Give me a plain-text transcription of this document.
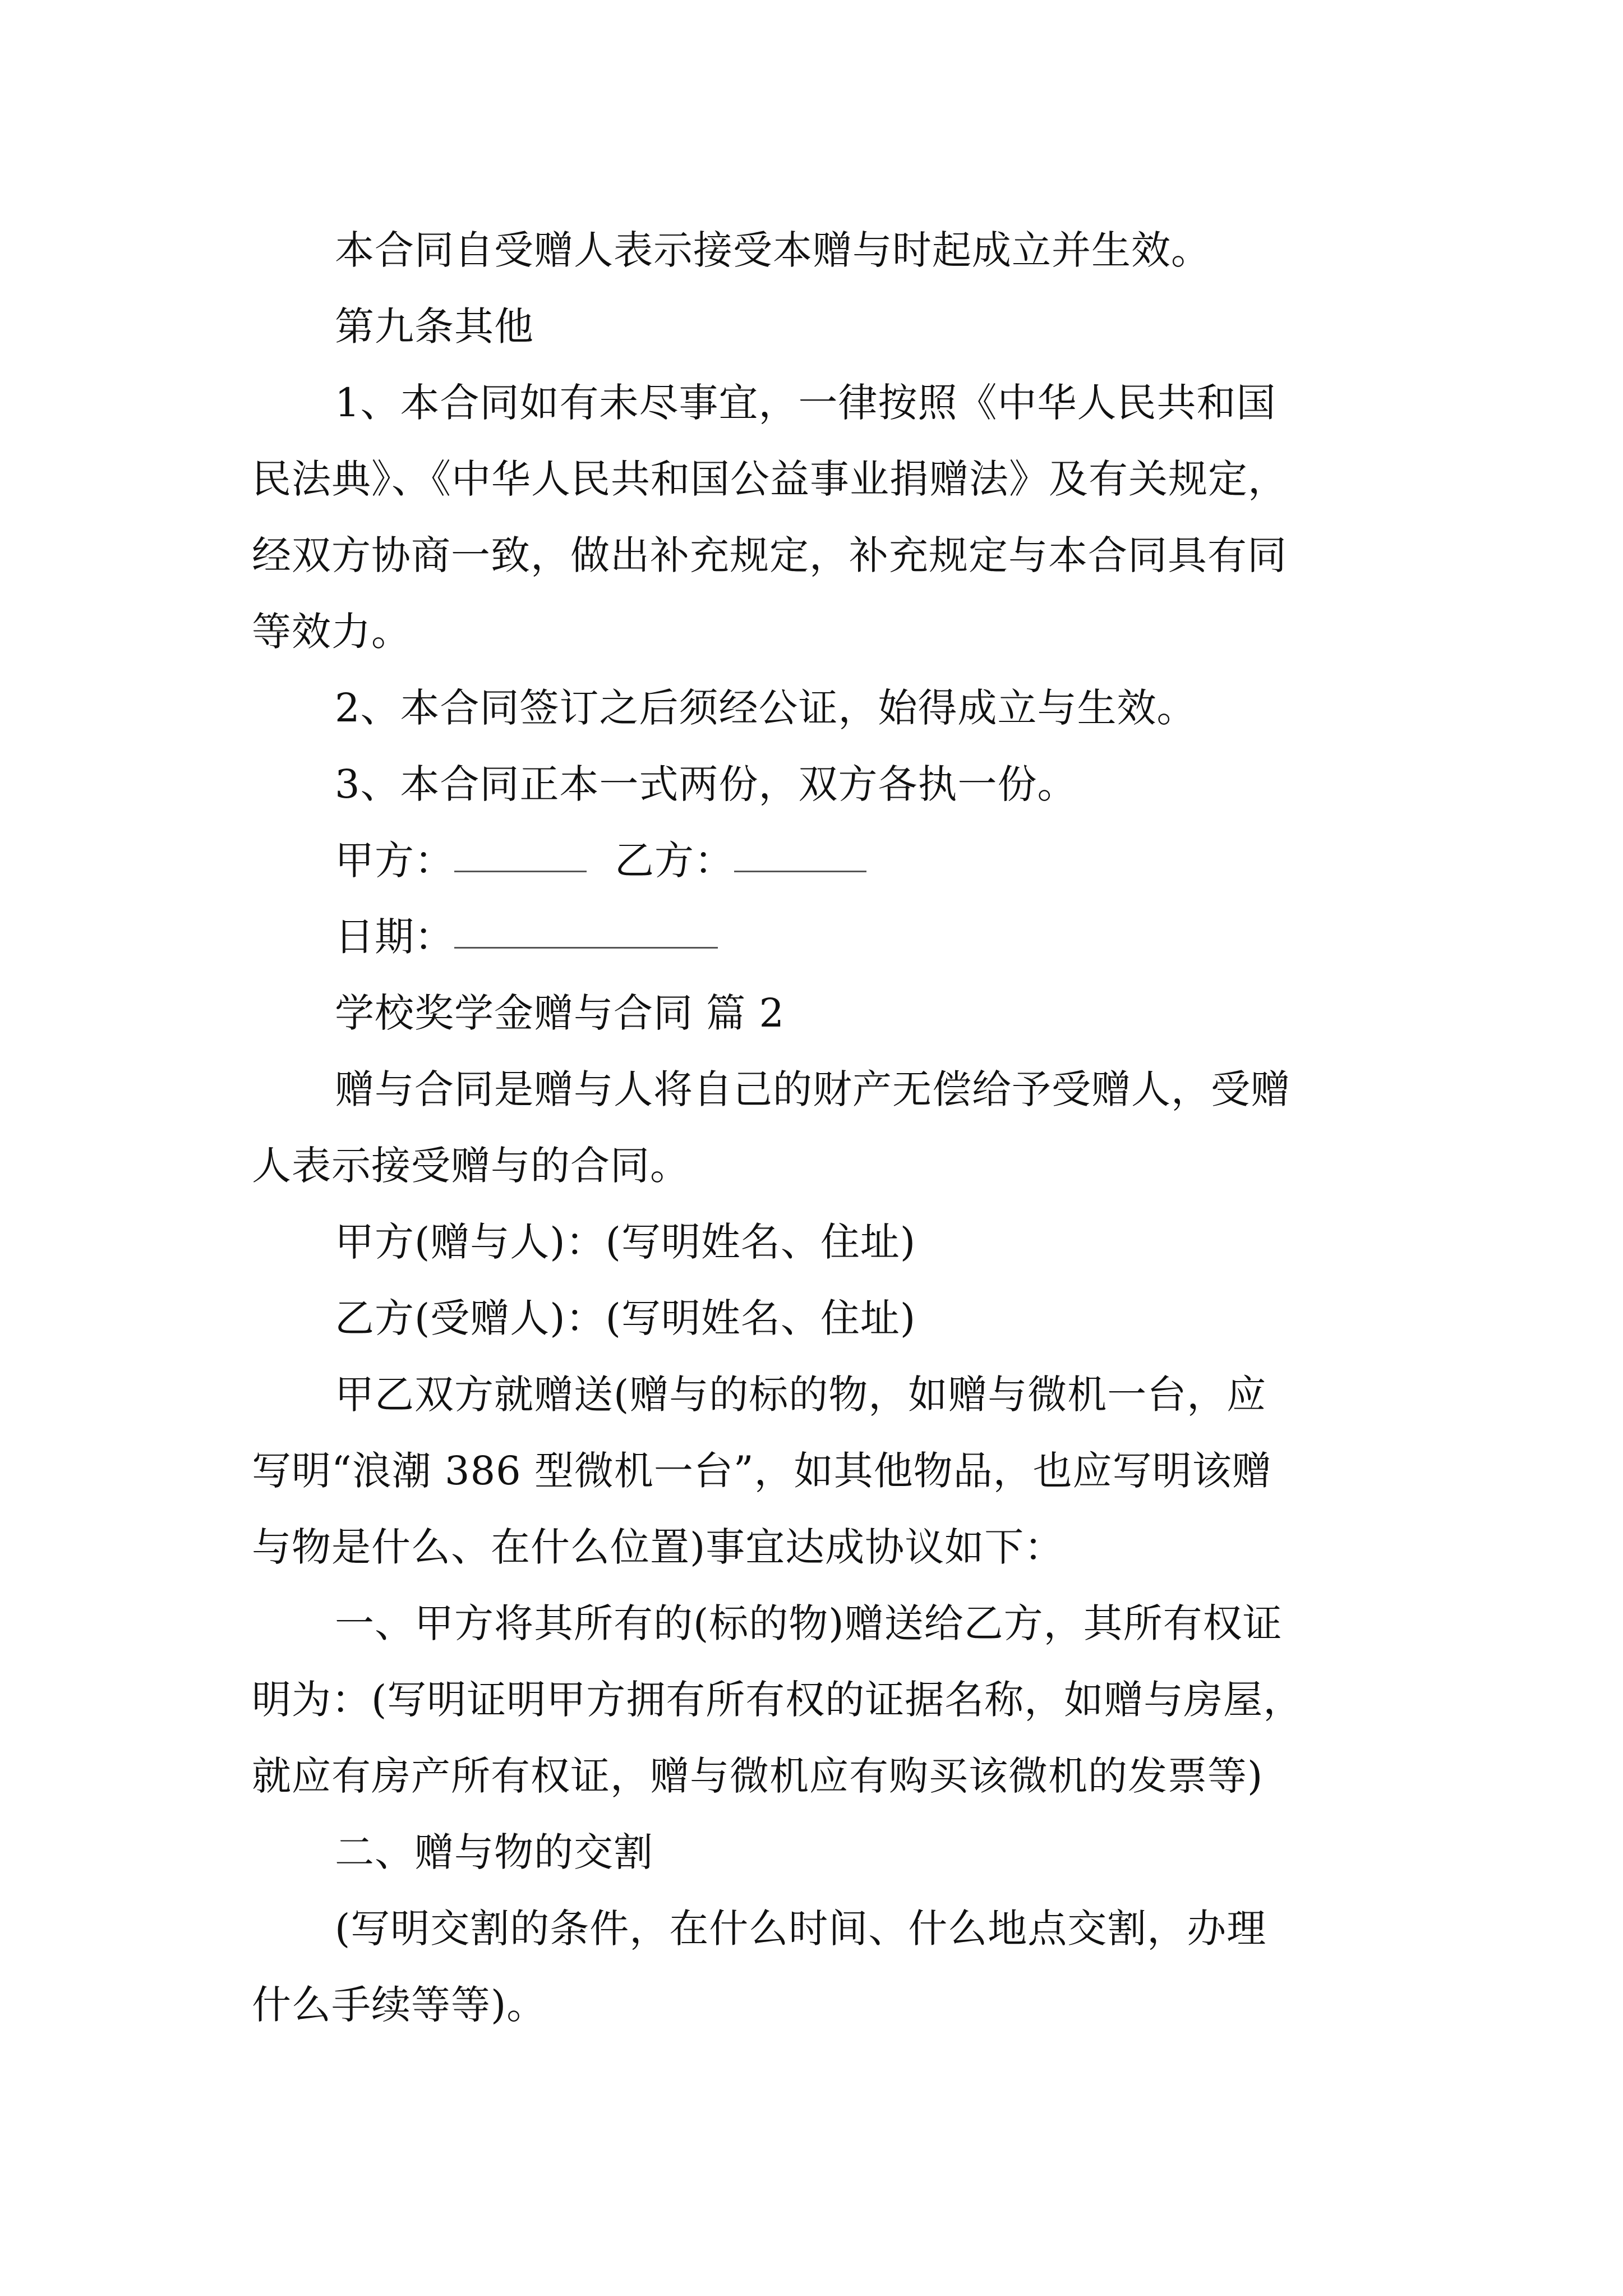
本合同自受赠人表示接受本赠与时起成立并生效。
第九条其他
1、本合同如有未尽事宜，一律按照《中华人民共和国
民法典》、《中华人民共和国公益事业捐赠法》及有关规定，
经双方协商一致，做出补充规定，补充规定与本合同具有同
等效力。
2、本合同签订之后须经公证，始得成立与生效。
3、本合同正本一式两份，双方各执一份。
甲方：	乙方：
日期：
学校奖学金赠与合同 篇 2
赠与合同是赠与人将自己的财产无偿给予受赠人，受赠
人表示接受赠与的合同。
甲方(赠与人)：(写明姓名、住址)
乙方(受赠人)：(写明姓名、住址)
甲乙双方就赠送(赠与的标的物，如赠与微机一台，应
写明“浪潮 386 型微机一台”，如其他物品，也应写明该赠
与物是什么、在什么位置)事宜达成协议如下：
一、甲方将其所有的(标的物)赠送给乙方，其所有权证
明为：(写明证明甲方拥有所有权的证据名称，如赠与房屋，
就应有房产所有权证，赠与微机应有购买该微机的发票等)
二、赠与物的交割
(写明交割的条件，在什么时间、什么地点交割，办理
什么手续等等)。
